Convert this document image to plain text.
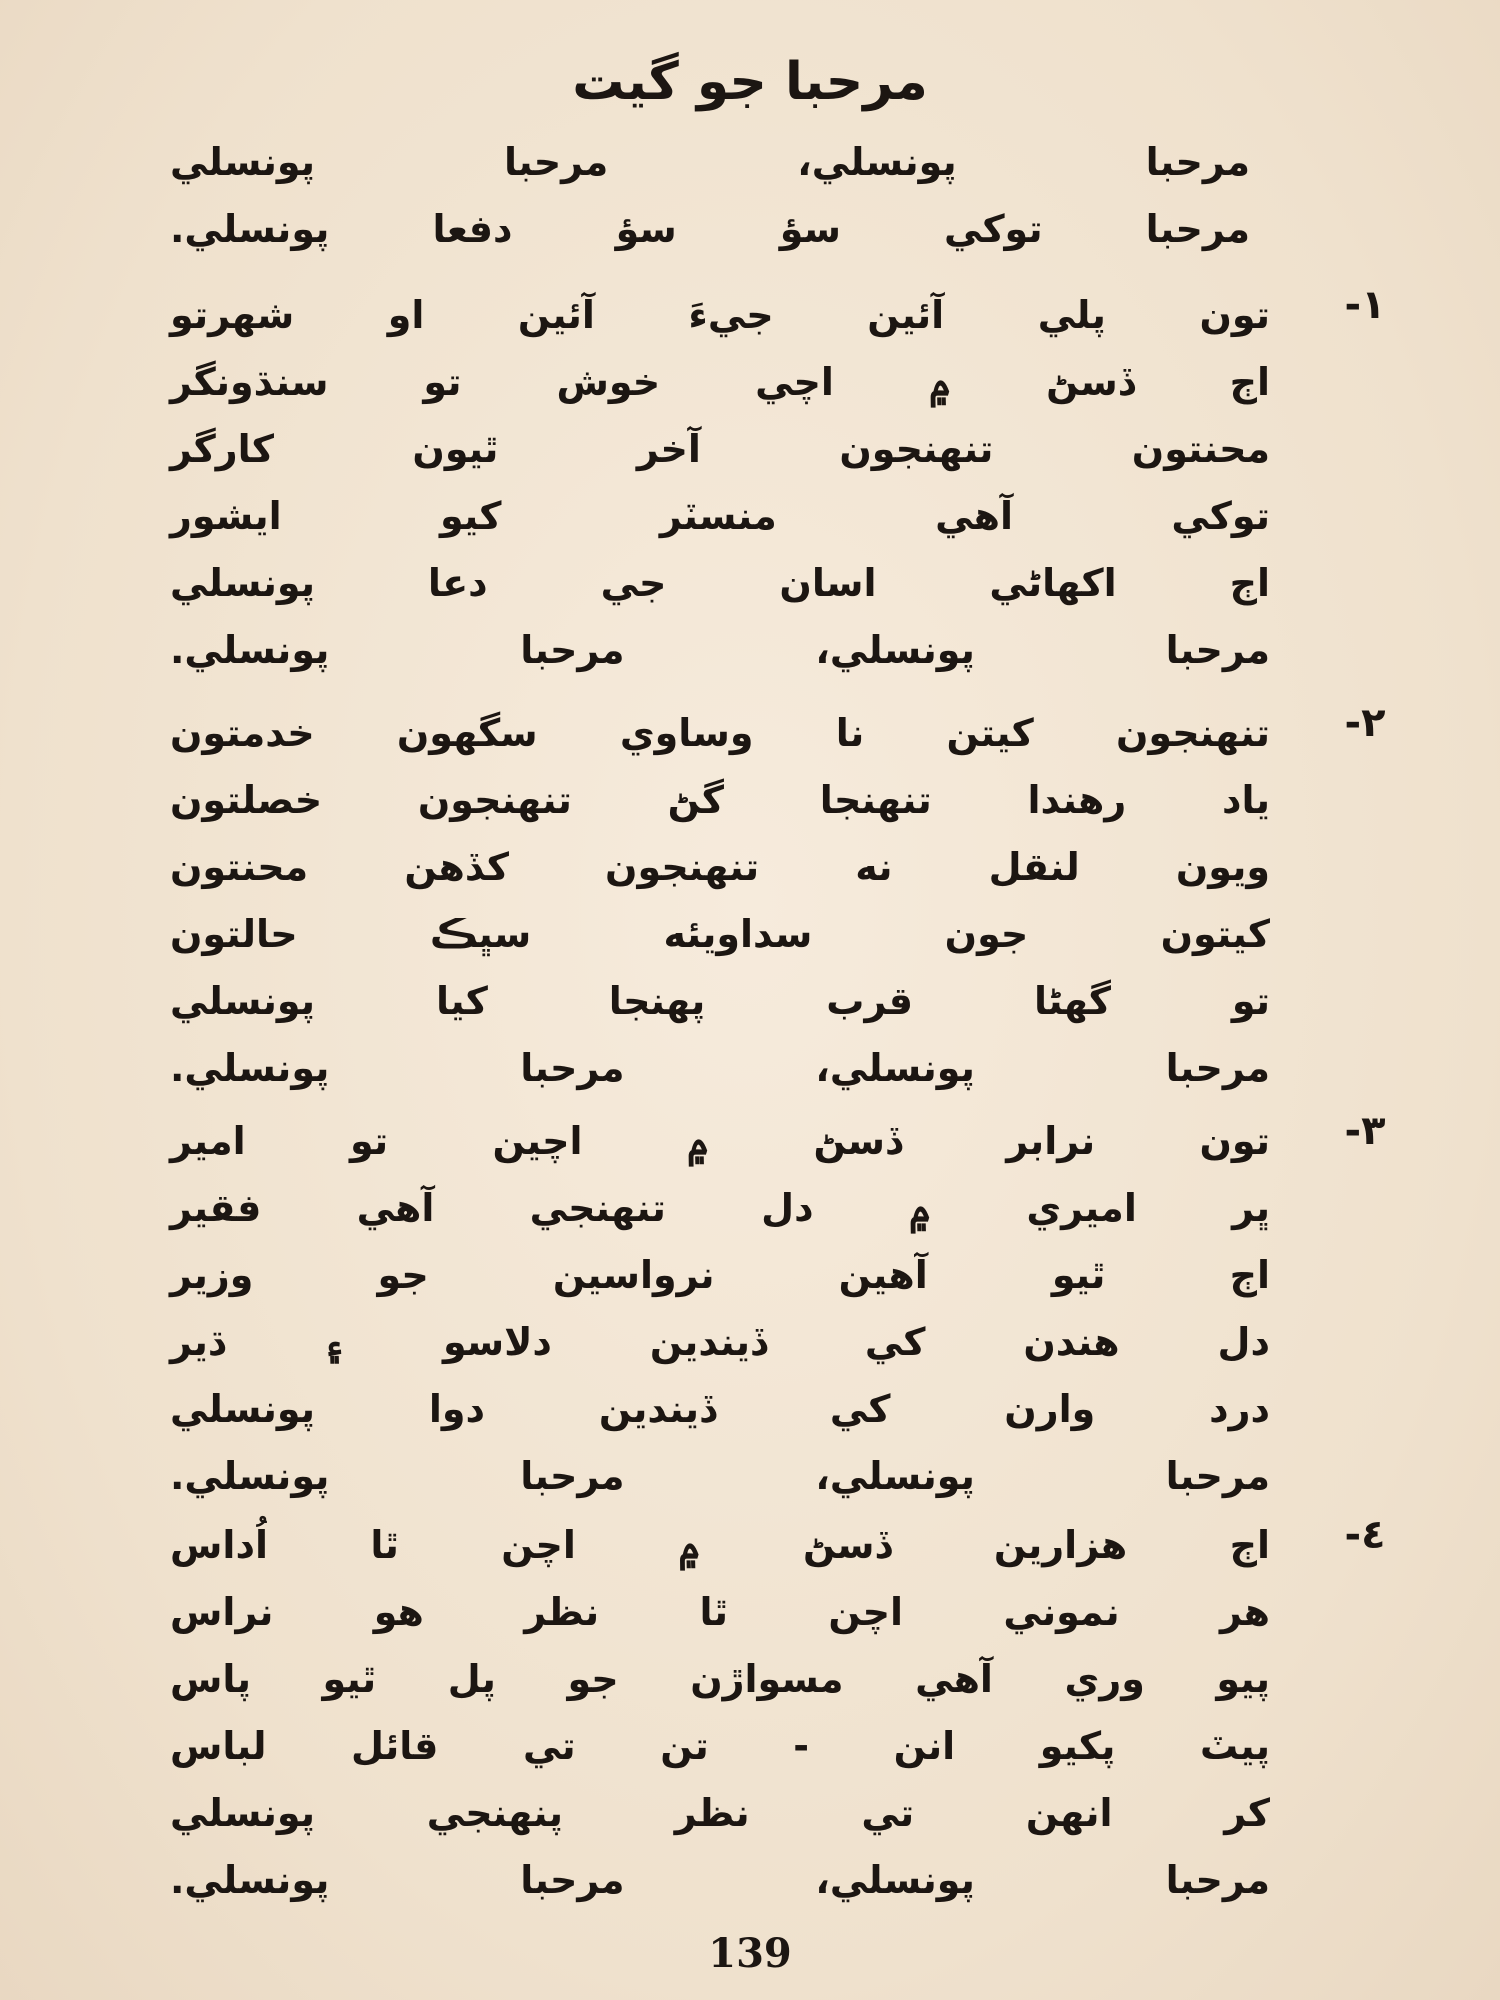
مرحبا جو گيت
مرحبا پونسلي، مرحبا پونسلي
مرحبا توکي سؤ سؤ دفعا پونسلي.
١-
تون پلي آئين جيءَ آئين او شهرتو
اڄ ڏسڻ ۾ اچي خوش تو سنڌونگر
محنتون تنهنجون آخر ٿيون کارگر
توکي آهي منسٽر کيو ايشور
اڄ اکهاڻي اسان جي دعا پونسلي
مرحبا پونسلي، مرحبا پونسلي.
٢-
تنهنجون کيتن نا وساوي سگهون خدمتون
ياد رهندا تنهنجا گڻ تنهنجون خصلتون
ويون لنقل نه تنهنجون کڏهن محنتون
کيتون جون سداويئه سڀڪ حالتون
تو گهڻا قرب پهنجا کيا پونسلي
مرحبا پونسلي، مرحبا پونسلي.
٣-
تون نرابر ڏسڻ ۾ اچين تو امير
ڀر اميري ۾ دل تنهنجي آهي فقير
اڄ ٿيو آهين نرواسين جو وزير
دل هندن کي ڏيندين دلاسو ۽ ڌير
درد وارن کي ڏيندين دوا پونسلي
مرحبا پونسلي، مرحبا پونسلي.
٤-
اڄ هزارين ڏسڻ ۾ اچن ٿا اُداس
هر نموني اچن ٿا نظر هو نراس
پيو وري آهي مسواڙن جو پل ٿيو پاس
پيٽ پکيو انن - تن تي قائل لباس
کر انهن تي نظر پنهنجي پونسلي
مرحبا پونسلي، مرحبا پونسلي.
139
